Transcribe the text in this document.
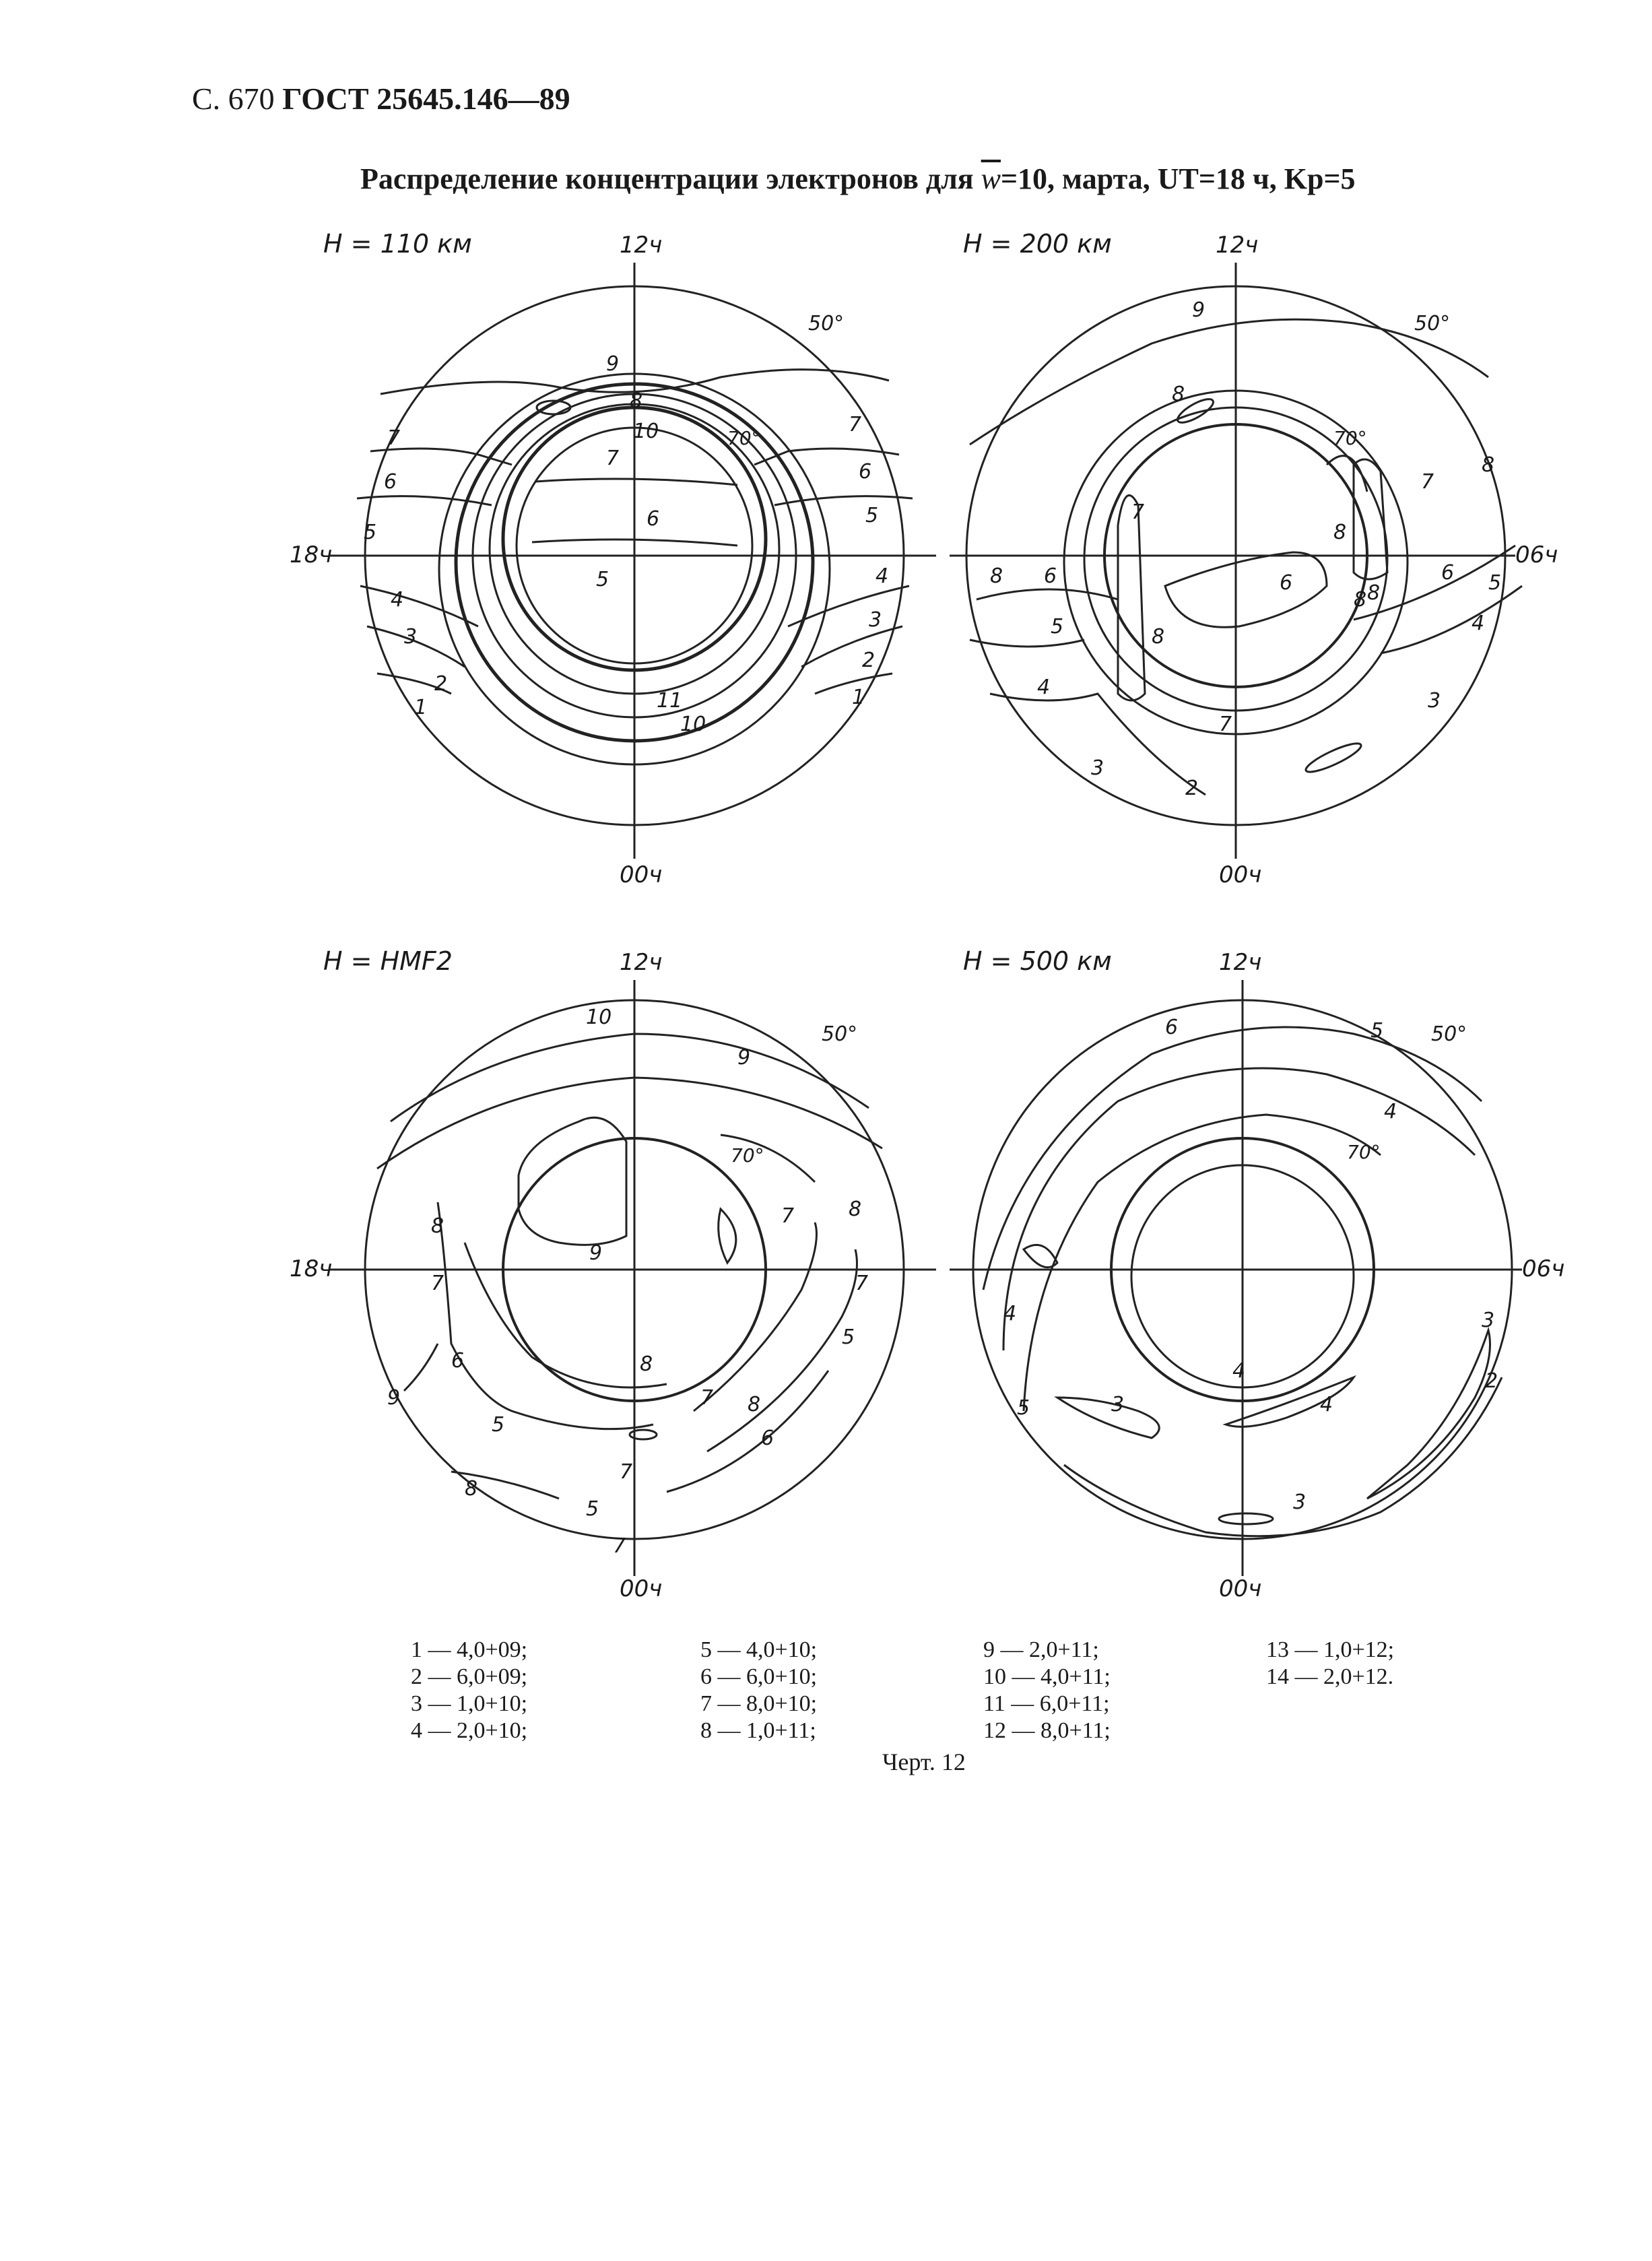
С. 670 ГОСТ 25645.146—89
Распределение концентрации электронов для $\overline{w}=10$, марта, UT=18 ч, Kp=5
H = 110 км	12ч
00ч
18ч
50°
70°
9
8
10
7
7
7
6
6
6
5
5
5
4
4
3
3
2
2
1	1
11
10
H = 200 км	12ч
00ч
06ч
50°
70°
9
8
7
7
8
8
8	6	6
5
6
8
8
5
4
4
3
3
2
7
8
H = HMF2	12ч
00ч
18ч
50°
70°
10
9
9
7
8
8
7	7
6
5
5
9
8
7
8
6
7
5
7
8
H = 500 км	12ч
00ч
06ч
50°
70°
6	5
4
4
5	3
4
4
3
3
2
1 — 4,0+09;
2 — 6,0+09;
3 — 1,0+10;
4 — 2,0+10;
5 — 4,0+10;
6 — 6,0+10;
7 — 8,0+10;
8 — 1,0+11;
9 — 2,0+11;
10 — 4,0+11;
11 — 6,0+11;
12 — 8,0+11;
13 — 1,0+12;
14 — 2,0+12.
Черт. 12
